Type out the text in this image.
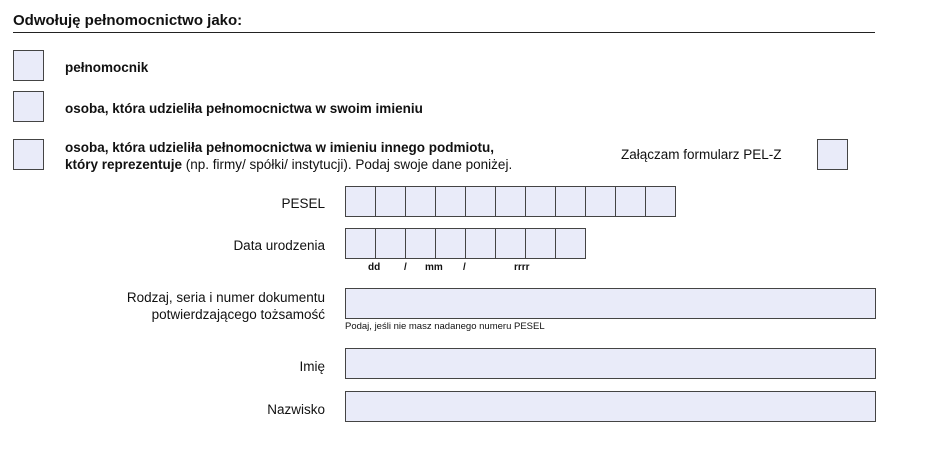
Odwołuję pełnomocnictwo jako:
pełnomocnik
osoba, która udzieliła pełnomocnictwa w swoim imieniu
osoba, która udzieliła pełnomocnictwa w imieniu innego podmiotu,
który reprezentuje (np. firmy/ spółki/ instytucji). Podaj swoje dane poniżej.
Załączam formularz PEL-Z
PESEL
Data urodzenia
dd / mm /	rrrr
Rodzaj, seria i numer dokumentu
potwierdzającego tożsamość
Podaj, jeśli nie masz nadanego numeru PESEL
Imię
Nazwisko
